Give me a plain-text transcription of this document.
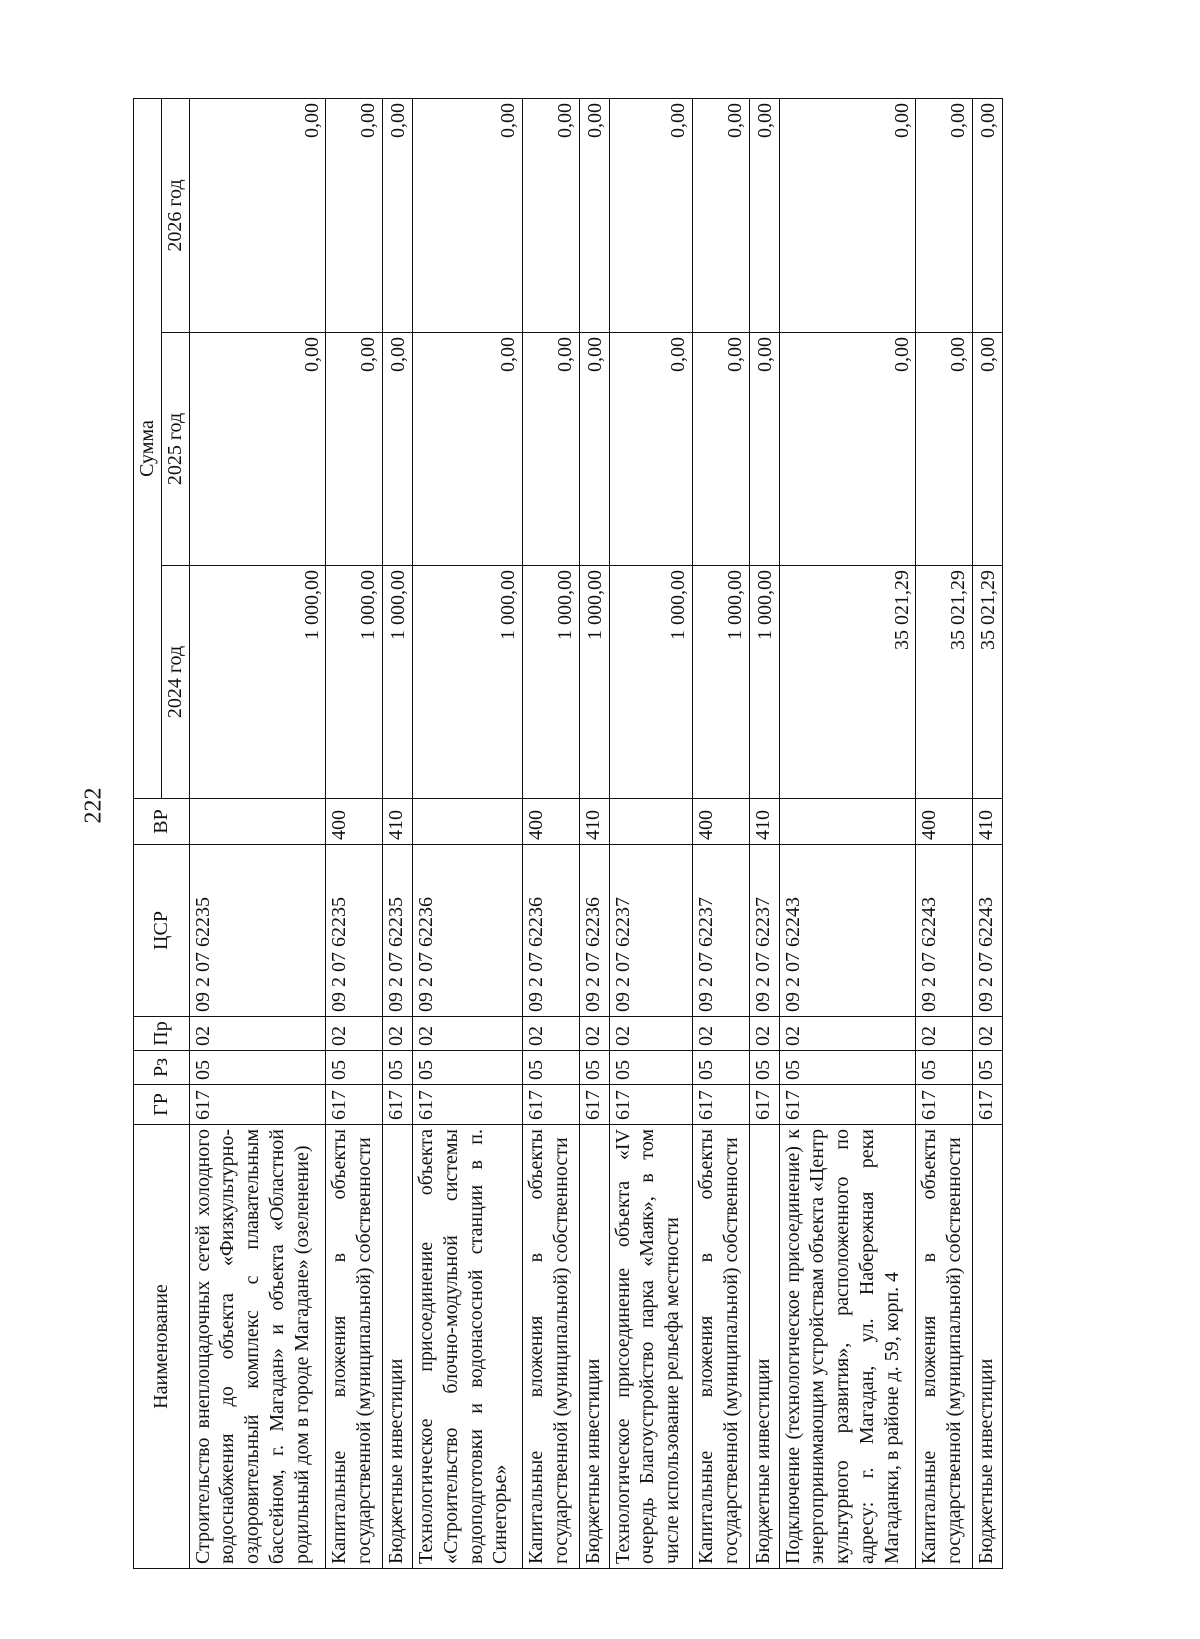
222
Наименование	ГР	Рз	Пр	ЦСР	ВР	Сумма		
						2024 год	2025 год	2026 год
Строительство внеплощадочных сетей холодного водоснабжения до объекта «Физкультурно-оздоровительный комплекс с плавательным бассейном, г. Магадан» и объекта «Областной родильный дом в городе Магадане» (озеленение)	617	05	02	09 2 07 62235		1 000,00	0,00	0,00
Капитальные вложения в объекты государственной (муниципальной) собственности	617	05	02	09 2 07 62235	400	1 000,00	0,00	0,00
Бюджетные инвестиции	617	05	02	09 2 07 62235	410	1 000,00	0,00	0,00
Технологическое присоединение объекта «Строительство блочно-модульной системы водоподготовки и водонасосной станции в п. Синегорье»	617	05	02	09 2 07 62236		1 000,00	0,00	0,00
Капитальные вложения в объекты государственной (муниципальной) собственности	617	05	02	09 2 07 62236	400	1 000,00	0,00	0,00
Бюджетные инвестиции	617	05	02	09 2 07 62236	410	1 000,00	0,00	0,00
Технологическое присоединение объекта «IV очередь Благоустройство парка «Маяк», в том числе использование рельефа местности	617	05	02	09 2 07 62237		1 000,00	0,00	0,00
Капитальные вложения в объекты государственной (муниципальной) собственности	617	05	02	09 2 07 62237	400	1 000,00	0,00	0,00
Бюджетные инвестиции	617	05	02	09 2 07 62237	410	1 000,00	0,00	0,00
Подключение (технологическое присоединение) к энергопринимающим устройствам объекта «Центр культурного развития», расположенного по адресу: г. Магадан, ул. Набережная реки Магаданки, в районе д. 59, корп. 4	617	05	02	09 2 07 62243		35 021,29	0,00	0,00
Капитальные вложения в объекты государственной (муниципальной) собственности	617	05	02	09 2 07 62243	400	35 021,29	0,00	0,00
Бюджетные инвестиции	617	05	02	09 2 07 62243	410	35 021,29	0,00	0,00
